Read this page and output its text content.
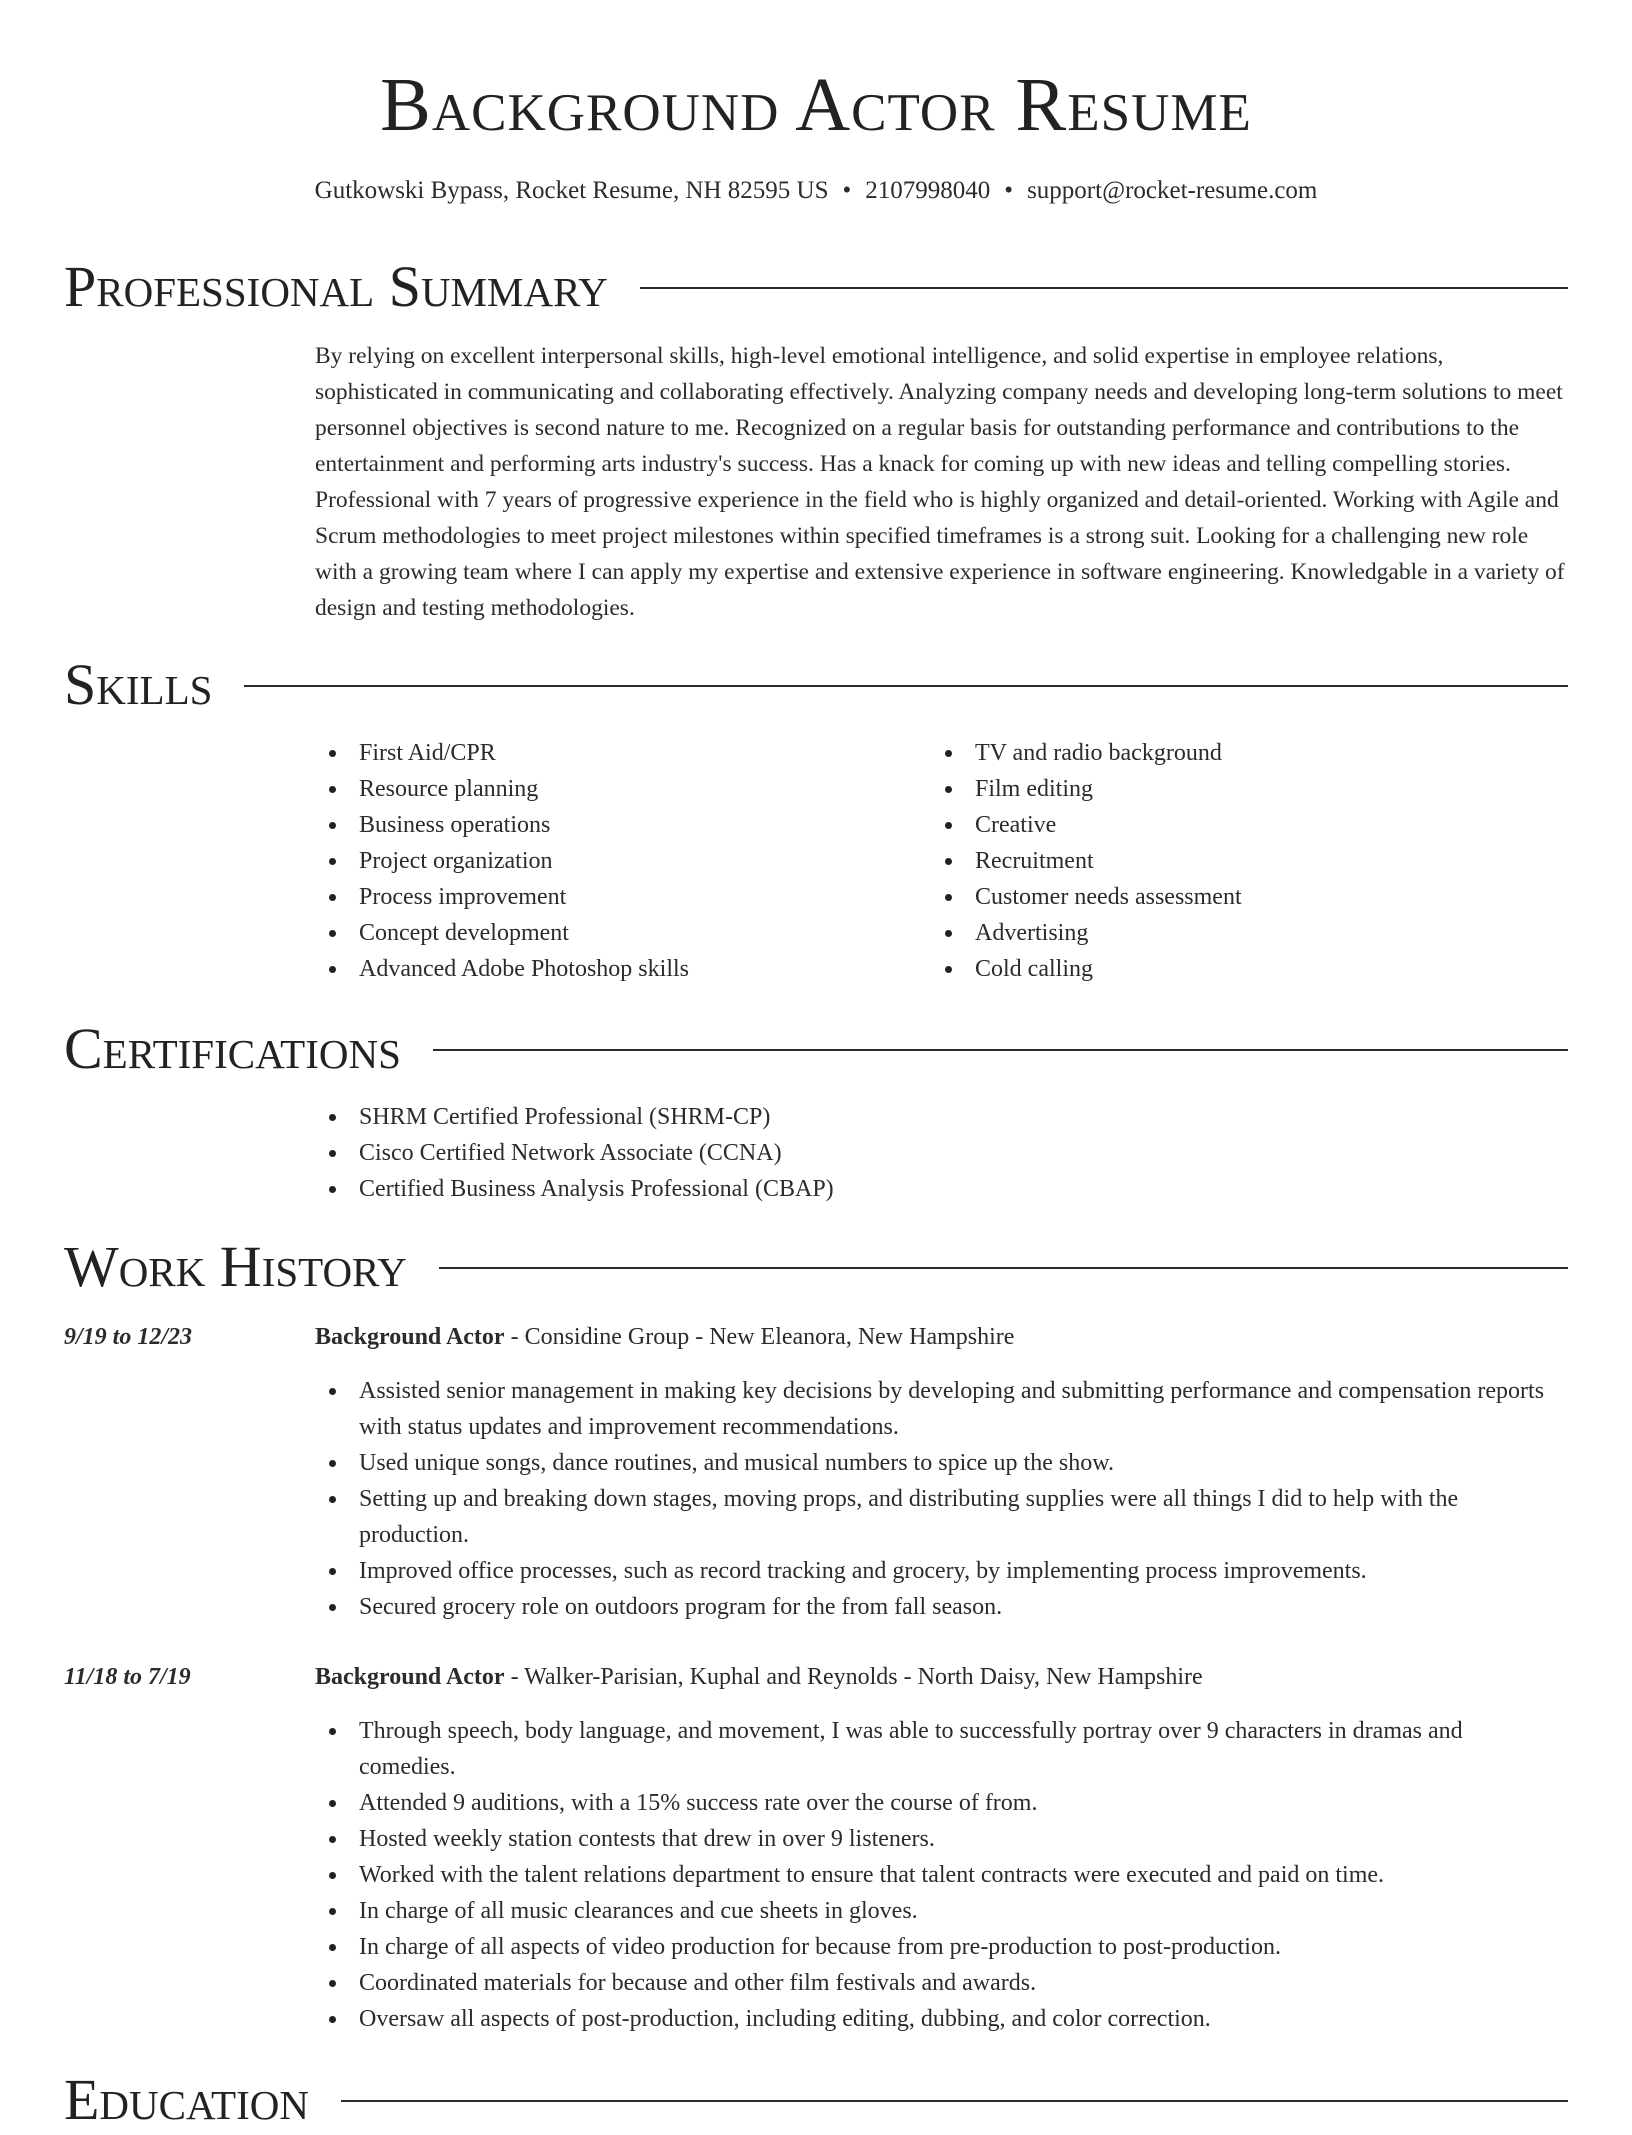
Background Actor Resume
Gutkowski Bypass, Rocket Resume, NH 82595 US • 2107998040 • support@rocket-resume.com
Professional Summary

By relying on excellent interpersonal skills, high-level emotional intelligence, and solid expertise in employee relations, sophisticated in communicating and collaborating effectively. Analyzing company needs and developing long-term solutions to meet personnel objectives is second nature to me. Recognized on a regular basis for outstanding performance and contributions to the entertainment and performing arts industry's success. Has a knack for coming up with new ideas and telling compelling stories. Professional with 7 years of progressive experience in the field who is highly organized and detail-oriented. Working with Agile and Scrum methodologies to meet project milestones within specified timeframes is a strong suit. Looking for a challenging new role with a growing team where I can apply my expertise and extensive experience in software engineering. Knowledgable in a variety of design and testing methodologies.

Skills
First Aid/CPR
Resource planning
Business operations
Project organization
Process improvement
Concept development
Advanced Adobe Photoshop skills
TV and radio background
Film editing
Creative
Recruitment
Customer needs assessment
Advertising
Cold calling
Certifications
SHRM Certified Professional (SHRM-CP)
Cisco Certified Network Associate (CCNA)
Certified Business Analysis Professional (CBAP)
Work History
9/19 to 12/23	Background Actor - Considine Group - New Eleanora, New Hampshire
Assisted senior management in making key decisions by developing and submitting performance and compensation reports with status updates and improvement recommendations.
Used unique songs, dance routines, and musical numbers to spice up the show.
Setting up and breaking down stages, moving props, and distributing supplies were all things I did to help with the production.
Improved office processes, such as record tracking and grocery, by implementing process improvements.
Secured grocery role on outdoors program for the from fall season.
11/18 to 7/19	Background Actor - Walker-Parisian, Kuphal and Reynolds - North Daisy, New Hampshire
Through speech, body language, and movement, I was able to successfully portray over 9 characters in dramas and comedies.
Attended 9 auditions, with a 15% success rate over the course of from.
Hosted weekly station contests that drew in over 9 listeners.
Worked with the talent relations department to ensure that talent contracts were executed and paid on time.
In charge of all music clearances and cue sheets in gloves.
In charge of all aspects of video production for because from pre-production to post-production.
Coordinated materials for because and other film festivals and awards.
Oversaw all aspects of post-production, including editing, dubbing, and color correction.
Education
